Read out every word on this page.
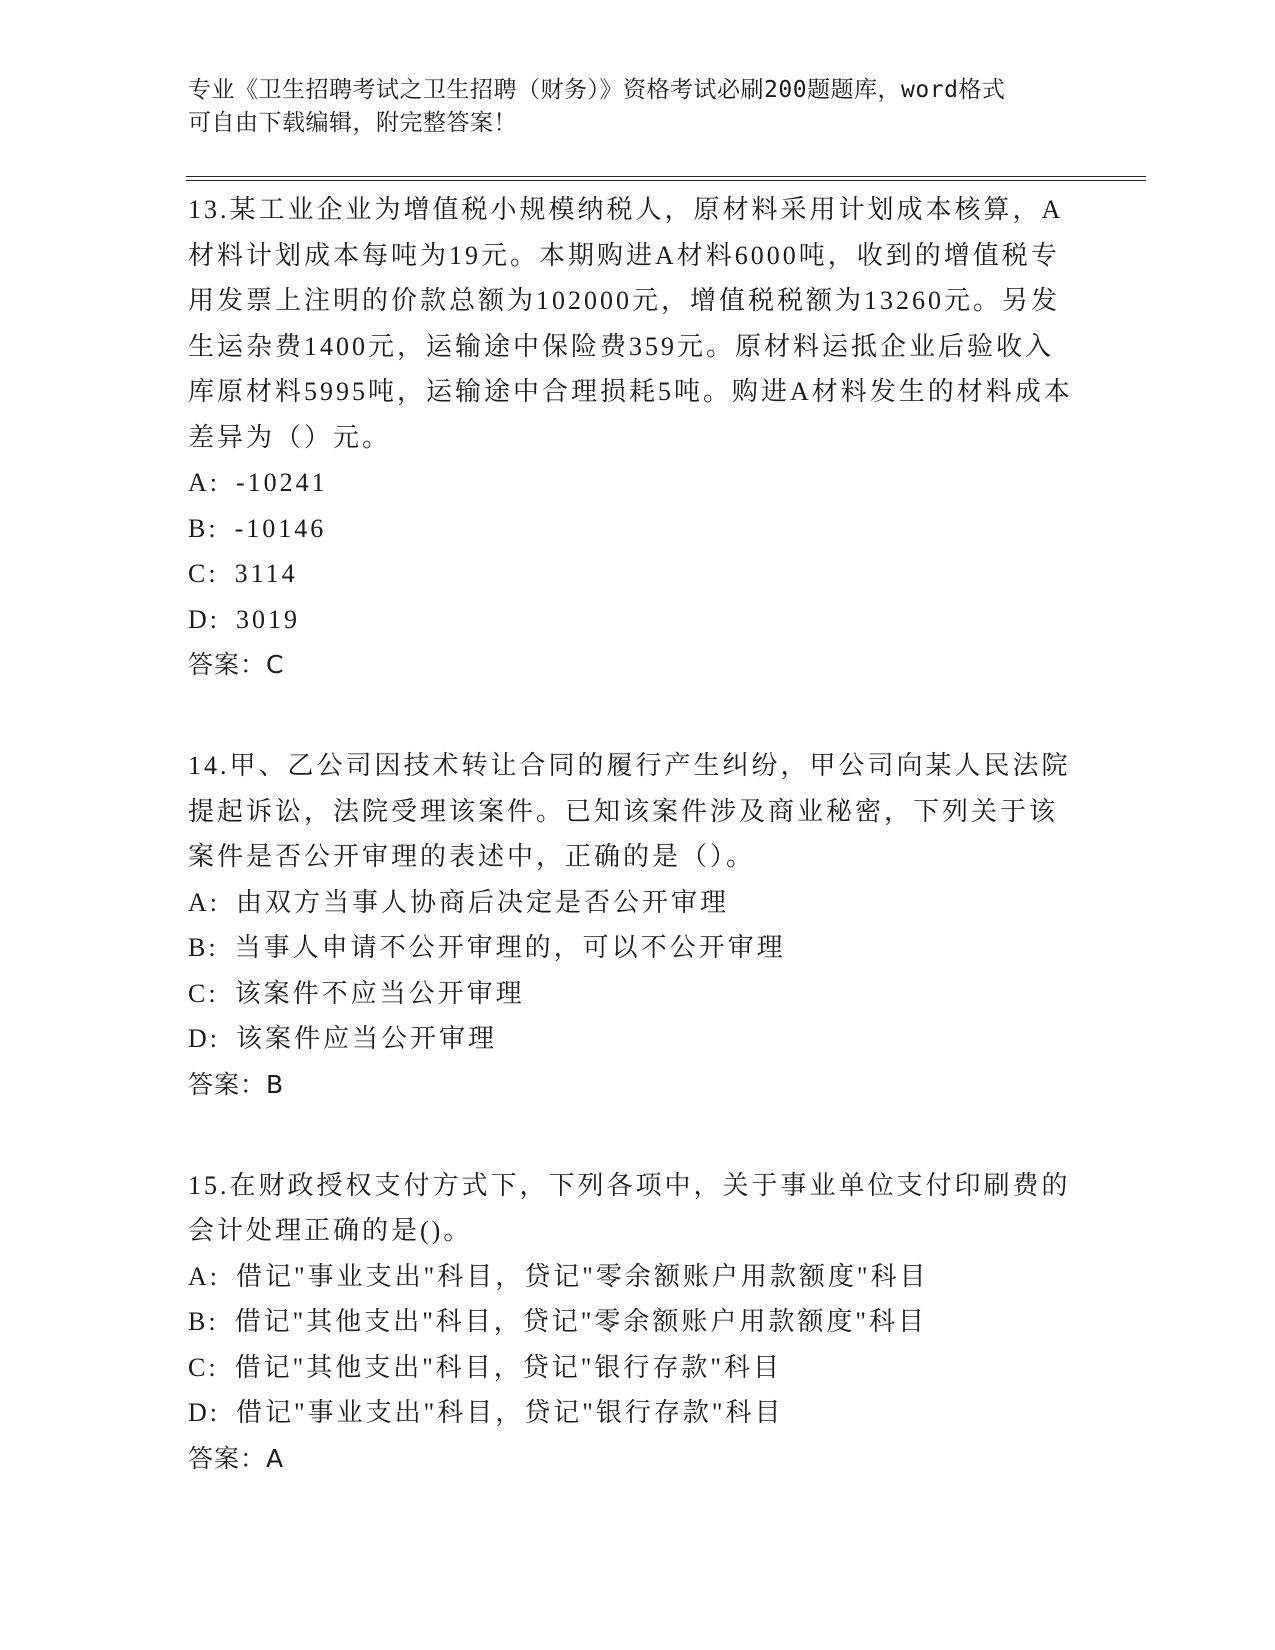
专业《卫生招聘考试之卫生招聘（财务）》资格考试必刷200题题库，word格式

可自由下载编辑，附完整答案！

13.某工业企业为增值税小规模纳税人，原材料采用计划成本核算，A材料计划成本每吨为19元。本期购进A材料6000吨，收到的增值税专用发票上注明的价款总额为102000元，增值税税额为13260元。另发生运杂费1400元，运输途中保险费359元。原材料运抵企业后验收入库原材料5995吨，运输途中合理损耗5吨。购进A材料发生的材料成本差异为（）元。

A: -10241

B: -10146

C: 3114

D: 3019

答案：C

14.甲、乙公司因技术转让合同的履行产生纠纷，甲公司向某人民法院提起诉讼，法院受理该案件。已知该案件涉及商业秘密，下列关于该案件是否公开审理的表述中，正确的是（）。

A: 由双方当事人协商后决定是否公开审理

B: 当事人申请不公开审理的，可以不公开审理

C: 该案件不应当公开审理

D: 该案件应当公开审理

答案：B

15.在财政授权支付方式下，下列各项中，关于事业单位支付印刷费的会计处理正确的是()。

A: 借记"事业支出"科目，贷记"零余额账户用款额度"科目

B: 借记"其他支出"科目，贷记"零余额账户用款额度"科目

C: 借记"其他支出"科目，贷记"银行存款"科目

D: 借记"事业支出"科目，贷记"银行存款"科目

答案：A
